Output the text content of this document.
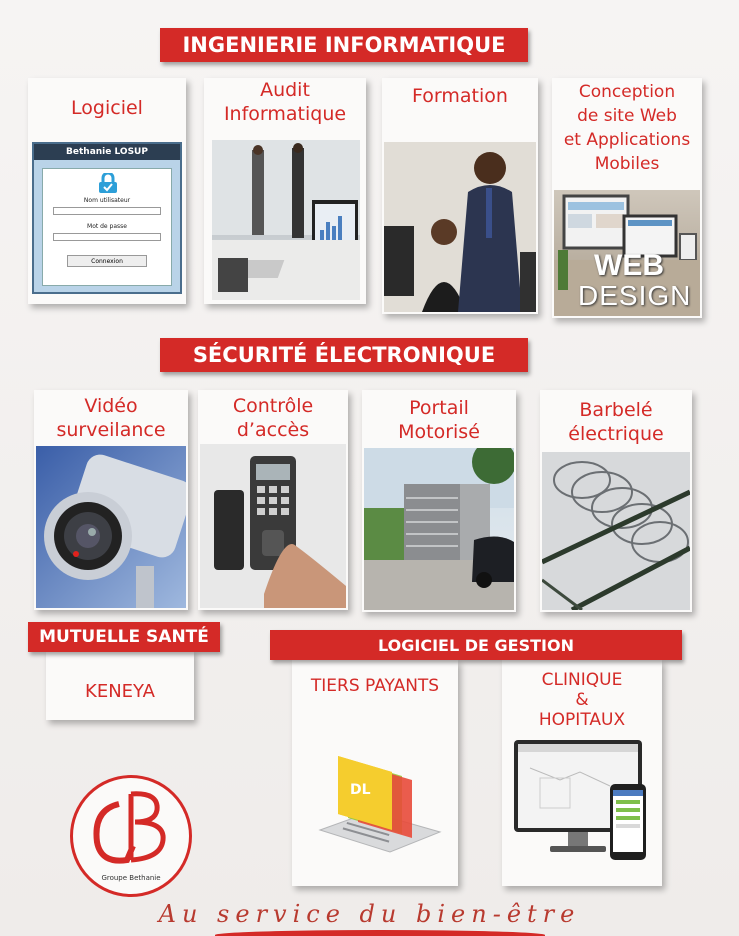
INGENIERIE INFORMATIQUE
Logiciel
Bethanie LOSUP
Nom utilisateur
Mot de passe
Connexion
Audit
Informatique
Formation	Conception
de site Web
et Applications
Mobiles
WEB
DESIGN
SÉCURITÉ ÉLECTRONIQUE
Vidéo
surveilance
Contrôle
d’accès
Portail
Motorisé
Barbelé
électrique
KENEYA
MUTUELLE SANTÉ
TIERS PAYANTS
DL
CLINIQUE
&
HOPITAUX
LOGICIEL DE GESTION
Groupe Bethanie
Au service du bien-être
